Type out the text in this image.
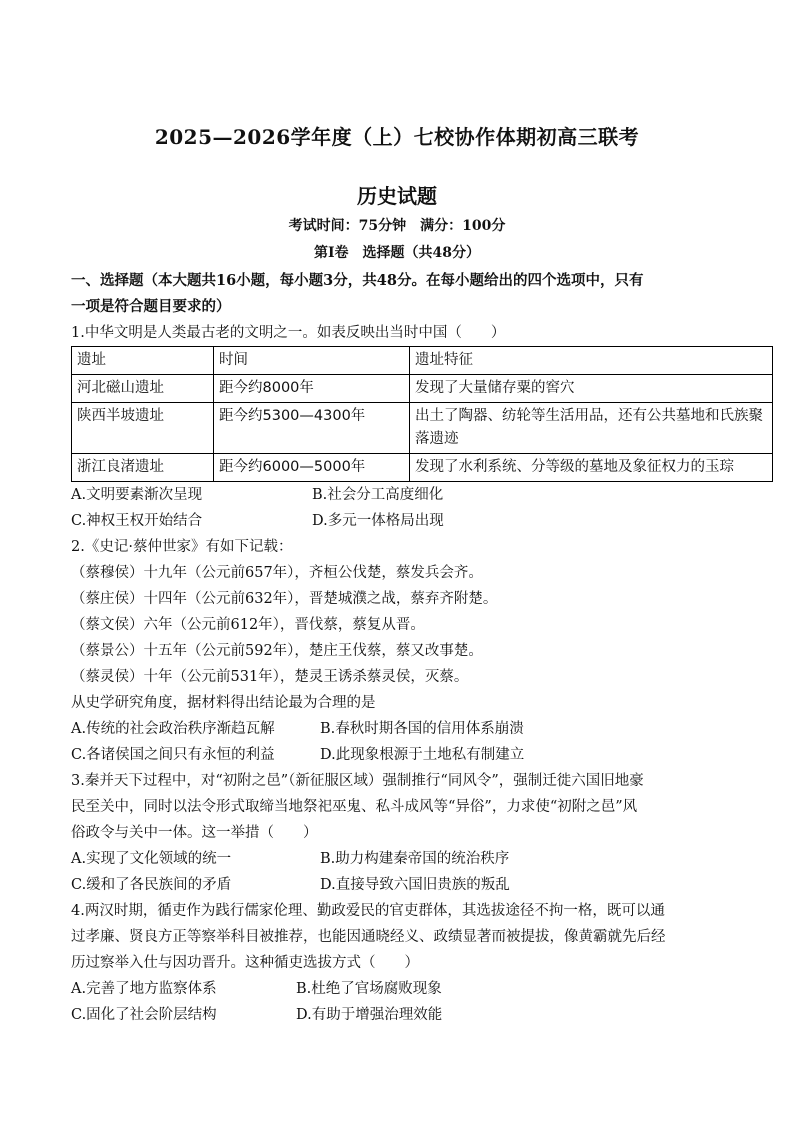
2025—2026学年度（上）七校协作体期初高三联考
历史试题
考试时间：75分钟　满分：100分
第Ⅰ卷　选择题（共48分）
一、选择题（本大题共16小题，每小题3分，共48分。在每小题给出的四个选项中，只有
一项是符合题目要求的）
1.中华文明是人类最古老的文明之一。如表反映出当时中国（　　）
遗址	时间	遗址特征
河北磁山遗址	距今约8000年	发现了大量储存粟的窖穴
陕西半坡遗址	距今约5300—4300年	出土了陶器、纺轮等生活用品，还有公共墓地和氏族聚落遗迹
浙江良渚遗址	距今约6000—5000年	发现了水利系统、分等级的墓地及象征权力的玉琮
A.文明要素渐次呈现	B.社会分工高度细化
C.神权王权开始结合	D.多元一体格局出现
2.《史记·蔡仲世家》有如下记载：
（蔡穆侯）十九年（公元前657年），齐桓公伐楚，蔡发兵会齐。
（蔡庄侯）十四年（公元前632年），晋楚城濮之战，蔡弃齐附楚。
（蔡文侯）六年（公元前612年），晋伐蔡，蔡复从晋。
（蔡景公）十五年（公元前592年），楚庄王伐蔡，蔡又改事楚。
（蔡灵侯）十年（公元前531年），楚灵王诱杀蔡灵侯，灭蔡。
从史学研究角度，据材料得出结论最为合理的是
A.传统的社会政治秩序渐趋瓦解	B.春秋时期各国的信用体系崩溃
C.各诸侯国之间只有永恒的利益	D.此现象根源于土地私有制建立
3.秦并天下过程中，对“初附之邑”（新征服区域）强制推行“同风令”，强制迁徙六国旧地豪
民至关中，同时以法令形式取缔当地祭祀巫鬼、私斗成风等“异俗”，力求使“初附之邑”风
俗政令与关中一体。这一举措（　　）
A.实现了文化领域的统一	B.助力构建秦帝国的统治秩序
C.缓和了各民族间的矛盾	D.直接导致六国旧贵族的叛乱
4.两汉时期，循吏作为践行儒家伦理、勤政爱民的官吏群体，其选拔途径不拘一格，既可以通
过孝廉、贤良方正等察举科目被推荐，也能因通晓经义、政绩显著而被提拔，像黄霸就先后经
历过察举入仕与因功晋升。这种循吏选拔方式（　　）
A.完善了地方监察体系	B.杜绝了官场腐败现象
C.固化了社会阶层结构	D.有助于增强治理效能
